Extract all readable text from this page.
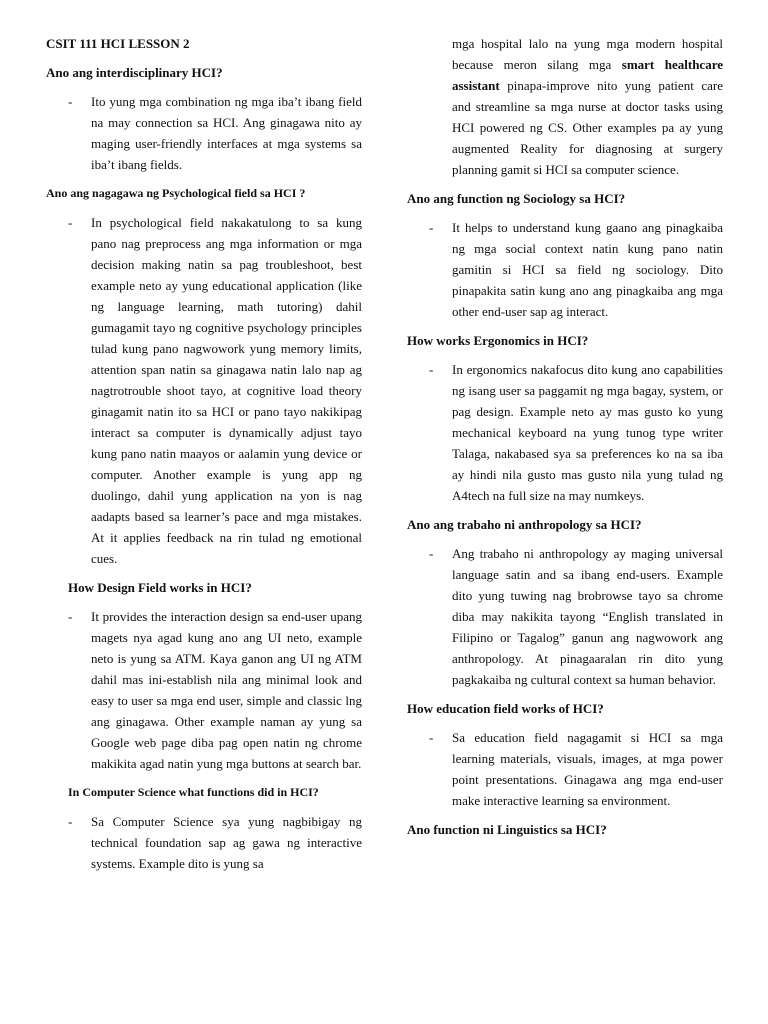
CSIT 111 HCI LESSON 2

Ano ang interdisciplinary HCI?

- Ito yung mga combination ng mga iba’t ibang field na may connection sa HCI. Ang ginagawa nito ay maging user-friendly interfaces at mga systems sa iba’t ibang fields.

Ano ang nagagawa ng Psychological field sa HCI ?

- In psychological field nakakatulong to sa kung pano nag preprocess ang mga information or mga decision making natin sa pag troubleshoot, best example neto ay yung educational application (like ng language learning, math tutoring) dahil gumagamit tayo ng cognitive psychology principles tulad kung pano nagwowork yung memory limits, attention span natin sa ginagawa natin lalo nap ag nagtrotrouble shoot tayo, at cognitive load theory ginagamit natin ito sa HCI or pano tayo nakikipag interact sa computer is dynamically adjust tayo kung pano natin maayos or aalamin yung device or computer. Another example is yung app ng duolingo, dahil yung application na yon is nag aadapts based sa learner’s pace and mga mistakes. At it applies feedback na rin tulad ng emotional cues.

How Design Field works in HCI?

- It provides the interaction design sa end-user upang magets nya agad kung ano ang UI neto, example neto is yung sa ATM. Kaya ganon ang UI ng ATM dahil mas ini-establish nila ang minimal look and easy to user sa mga end user, simple and classic lng ang ginagawa. Other example naman ay yung sa Google web page diba pag open natin ng chrome makikita agad natin yung mga buttons at search bar.

In Computer Science what functions did in HCI?

- Sa Computer Science sya yung nagbibigay ng technical foundation sap ag gawa ng interactive systems. Example dito is yung sa

mga hospital lalo na yung mga modern hospital because meron silang mga smart healthcare assistant pinapa-improve nito yung patient care and streamline sa mga nurse at doctor tasks using HCI powered ng CS. Other examples pa ay yung augmented Reality for diagnosing at surgery planning gamit si HCI sa computer science.

Ano ang function ng Sociology sa HCI?

- It helps to understand kung gaano ang pinagkaiba ng mga social context natin kung pano natin gamitin si HCI sa field ng sociology. Dito pinapakita satin kung ano ang pinagkaiba ang mga other end-user sap ag interact.

How works Ergonomics in HCI?

- In ergonomics nakafocus dito kung ano capabilities ng isang user sa paggamit ng mga bagay, system, or pag design. Example neto ay mas gusto ko yung mechanical keyboard na yung tunog type writer Talaga, nakabased sya sa preferences ko na sa iba ay hindi nila gusto mas gusto nila yung tulad ng A4tech na full size na may numkeys.

Ano ang trabaho ni anthropology sa HCI?

- Ang trabaho ni anthropology ay maging universal language satin and sa ibang end-users. Example dito yung tuwing nag brobrowse tayo sa chrome diba may nakikita tayong “English translated in Filipino or Tagalog” ganun ang nagwowork ang anthropology. At pinagaaralan rin dito yung pagkakaiba ng cultural context sa human behavior.

How education field works of HCI?

- Sa education field nagagamit si HCI sa mga learning materials, visuals, images, at mga power point presentations. Ginagawa ang mga end-user make interactive learning sa environment.

Ano function ni Linguistics sa HCI?
